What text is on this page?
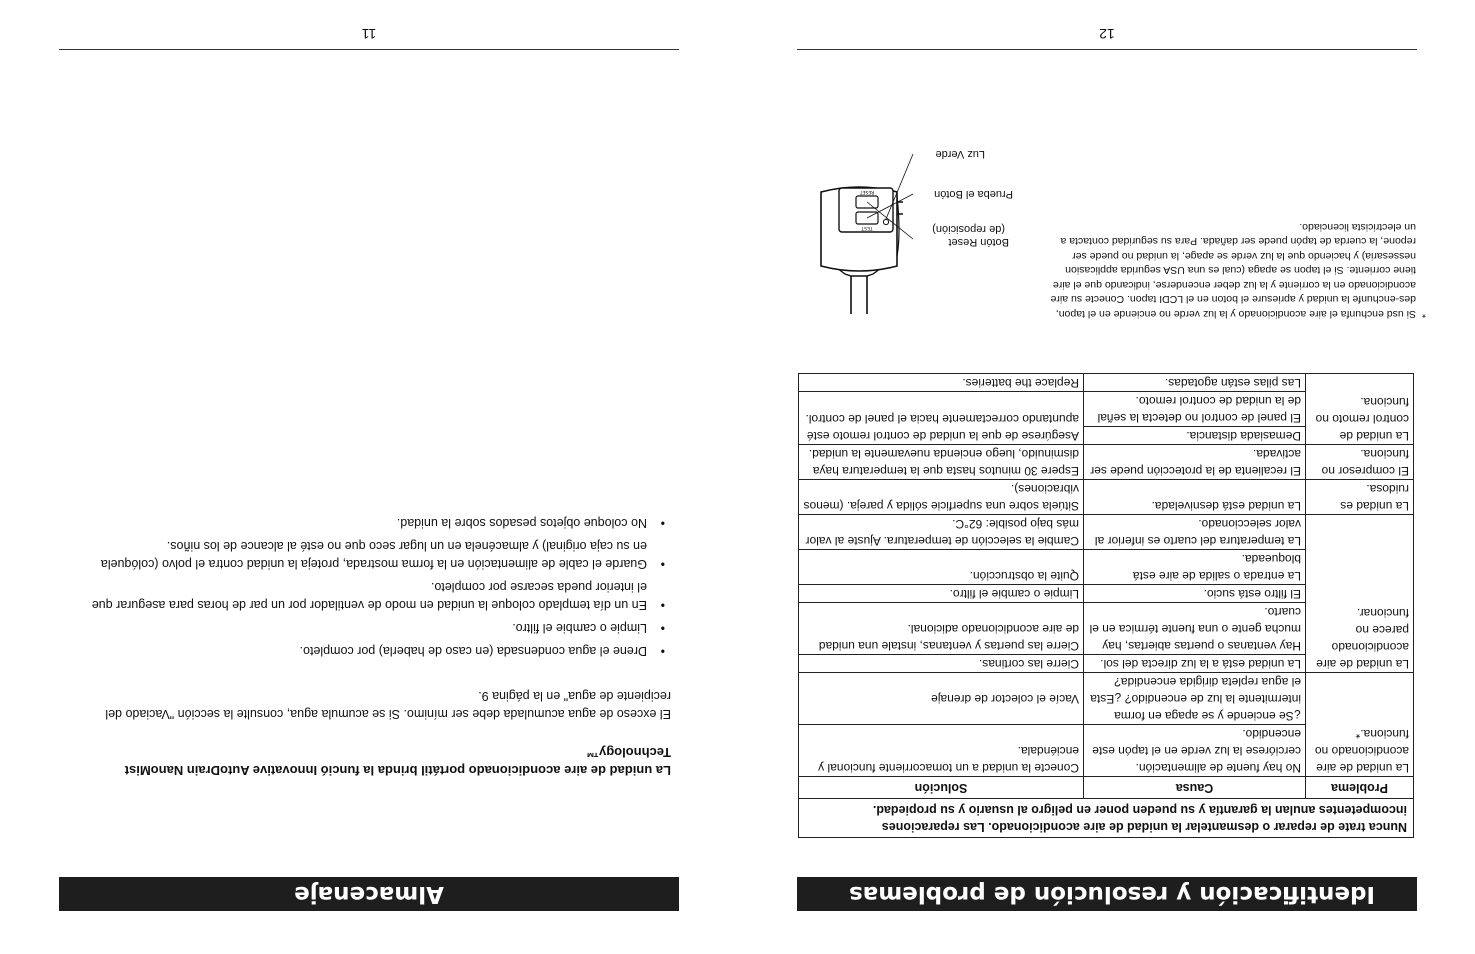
Identificación y resolución de problemas
Nunca trate de reparar o desmantelar la unidad de aire acondicionado. Las reparaciones incompetentes anulan la garantía y su pueden poner en peligro al usuario y su propiedad.
Problema
Causa
Solución
La unidad de aire acondicionado no funciona.*
No hay fuente de alimentación. cerciórese la luz verde en el tapón este encendido.
Conecte la unidad a un tomacorriente funcional y enciéndala.
¿Se enciende y se apaga en forma intermitente la luz de encendido? ¿Esta el agua repleta dirigida encendida?
Vacíe el colector de drenaje
La unidad de aire acondicionado parece no funcionar.
La unidad está a la luz directa del sol.
Cierre las cortinas.
Hay ventanas o puertas abiertas, hay mucha gente o una fuente térmica en el cuarto.
Cierre las puertas y ventanas, instale una unidad de aire acondicionado adicional.
El filtro está sucio.
Limpie o cambie el filtro.
La entrada o salida de aire está bloqueada.
Quite la obstrucción.
La temperatura del cuarto es inferior al valor seleccionado.
Cambie la selección de temperatura. Ajuste al valor más bajo posible: 62°C.
La unidad es ruidosa.
La unidad está desnivelada.
Sitúela sobre una superficie sólida y pareja. (menos vibraciones).
El compresor no funciona.
El recalienta de la protección puede ser activada.
Espere 30 minutos hasta que la temperatura haya disminuido, luego encienda nuevamente la unidad.
La unidad de control remoto no funciona.
Demasiada distancia.
Asegúrese de que la unidad de control remoto esté apuntando correctamente hacia el panel de control.	El panel de control no detecta la señal de la unidad de control remoto.
Las pilas están agotadas.
Replace the batteries.
*
Si usd enchunfa el aire acondicionado y la luz verde no enciende en el tapon, des-enchunfe la unidad y apriesure el boton en el LCDI tapon. Conecte su aire acondicionado en la corriente y la luz deber encenderse, indicando que el aire tiene corriente. Si el tapon se apaga (cual es una USA segurida applicasion nessesaria) y haciendo que la luz verde se apage, la unidad no puede ser repone, la cuerda de tapón puede ser dañada. Para su seguridad contacta a un electricista licenciado.
TEST
RESET
Botón Reset
(de reposición)
Prueba el Botón
Luz Verde
12
Almacenaje
La unidad de aire acondicionado portátil brinda la funció Innovative AutoDrain NanoMist Technology™
El exceso de agua acumulada debe ser mínimo. Si se acumula agua, consulte la sección "Vaciado del recipiente de agua" en la página 9.
•
Drene el agua condensada (en caso de haberla) por completo.
•
Limpie o cambie el filtro.
•
En un día templado coloque la unidad en modo de ventilador por un par de horas para asegurar que el interior pueda secarse por completo.
•
Guarde el cable de alimentación en la forma mostrada, proteja la unidad contra el polvo (colóquela en su caja original) y almacénela en un lugar seco que no esté al alcance de los niños.
•
No coloque objetos pesados sobre la unidad.
11
